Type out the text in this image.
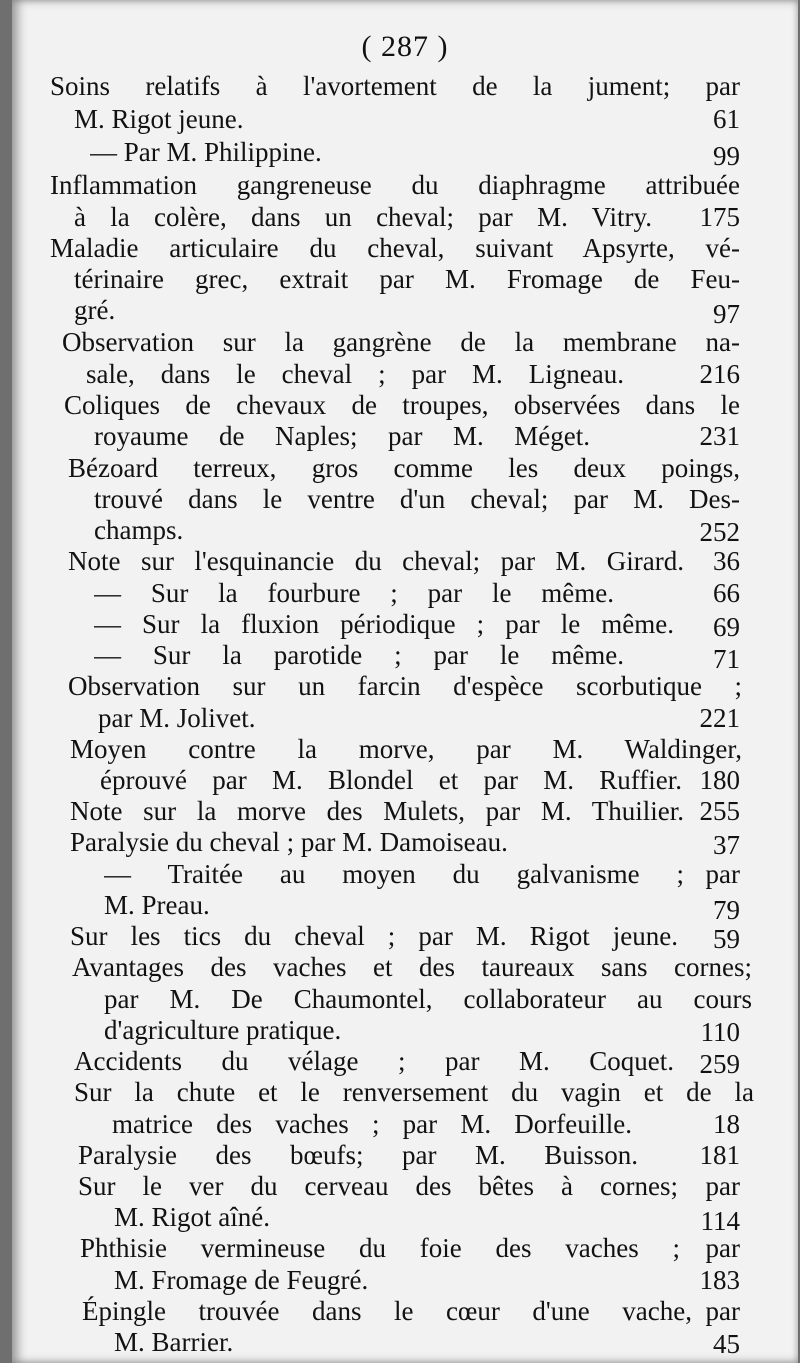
( 287 )
Soins relatifs à l'avortement de la jument; par
M. Rigot jeune.	61
— Par M. Philippine.	99
Inflammation gangreneuse du diaphragme attribuée
à la colère, dans un cheval; par M. Vitry. 175
Maladie articulaire du cheval, suivant Apsyrte, vé-
térinaire grec, extrait par M. Fromage de Feu-
gré.	97
Observation sur la gangrène de la membrane na-
sale, dans le cheval ; par M. Ligneau.	216
Coliques de chevaux de troupes, observées dans le
royaume de Naples; par M. Méget.	231
Bézoard terreux, gros comme les deux poings,
trouvé dans le ventre d'un cheval; par M. Des-
champs.	252
Note sur l'esquinancie du cheval; par M. Girard. 36
— Sur la fourbure ; par le même.	66
— Sur la fluxion périodique ; par le même. 69
— Sur la parotide ; par le même.	71
Observation sur un farcin d'espèce scorbutique ;
par M. Jolivet.	221
Moyen contre la morve, par M. Waldinger,
éprouvé par M. Blondel et par M. Ruffier. 180
Note sur la morve des Mulets, par M. Thuilier. 255
Paralysie du cheval ; par M. Damoiseau.	37
— Traitée au moyen du galvanisme ; par
M. Preau.	79
Sur les tics du cheval ; par M. Rigot jeune. 59
Avantages des vaches et des taureaux sans cornes;
par M. De Chaumontel, collaborateur au cours
d'agriculture pratique.	110
Accidents du vélage ; par M. Coquet. 259
Sur la chute et le renversement du vagin et de la
matrice des vaches ; par M. Dorfeuille.	18
Paralysie des bœufs; par M. Buisson. 181
Sur le ver du cerveau des bêtes à cornes; par
M. Rigot aîné.	114
Phthisie vermineuse du foie des vaches ; par
M. Fromage de Feugré.	183
Épingle trouvée dans le cœur d'une vache, par
M. Barrier.	45
